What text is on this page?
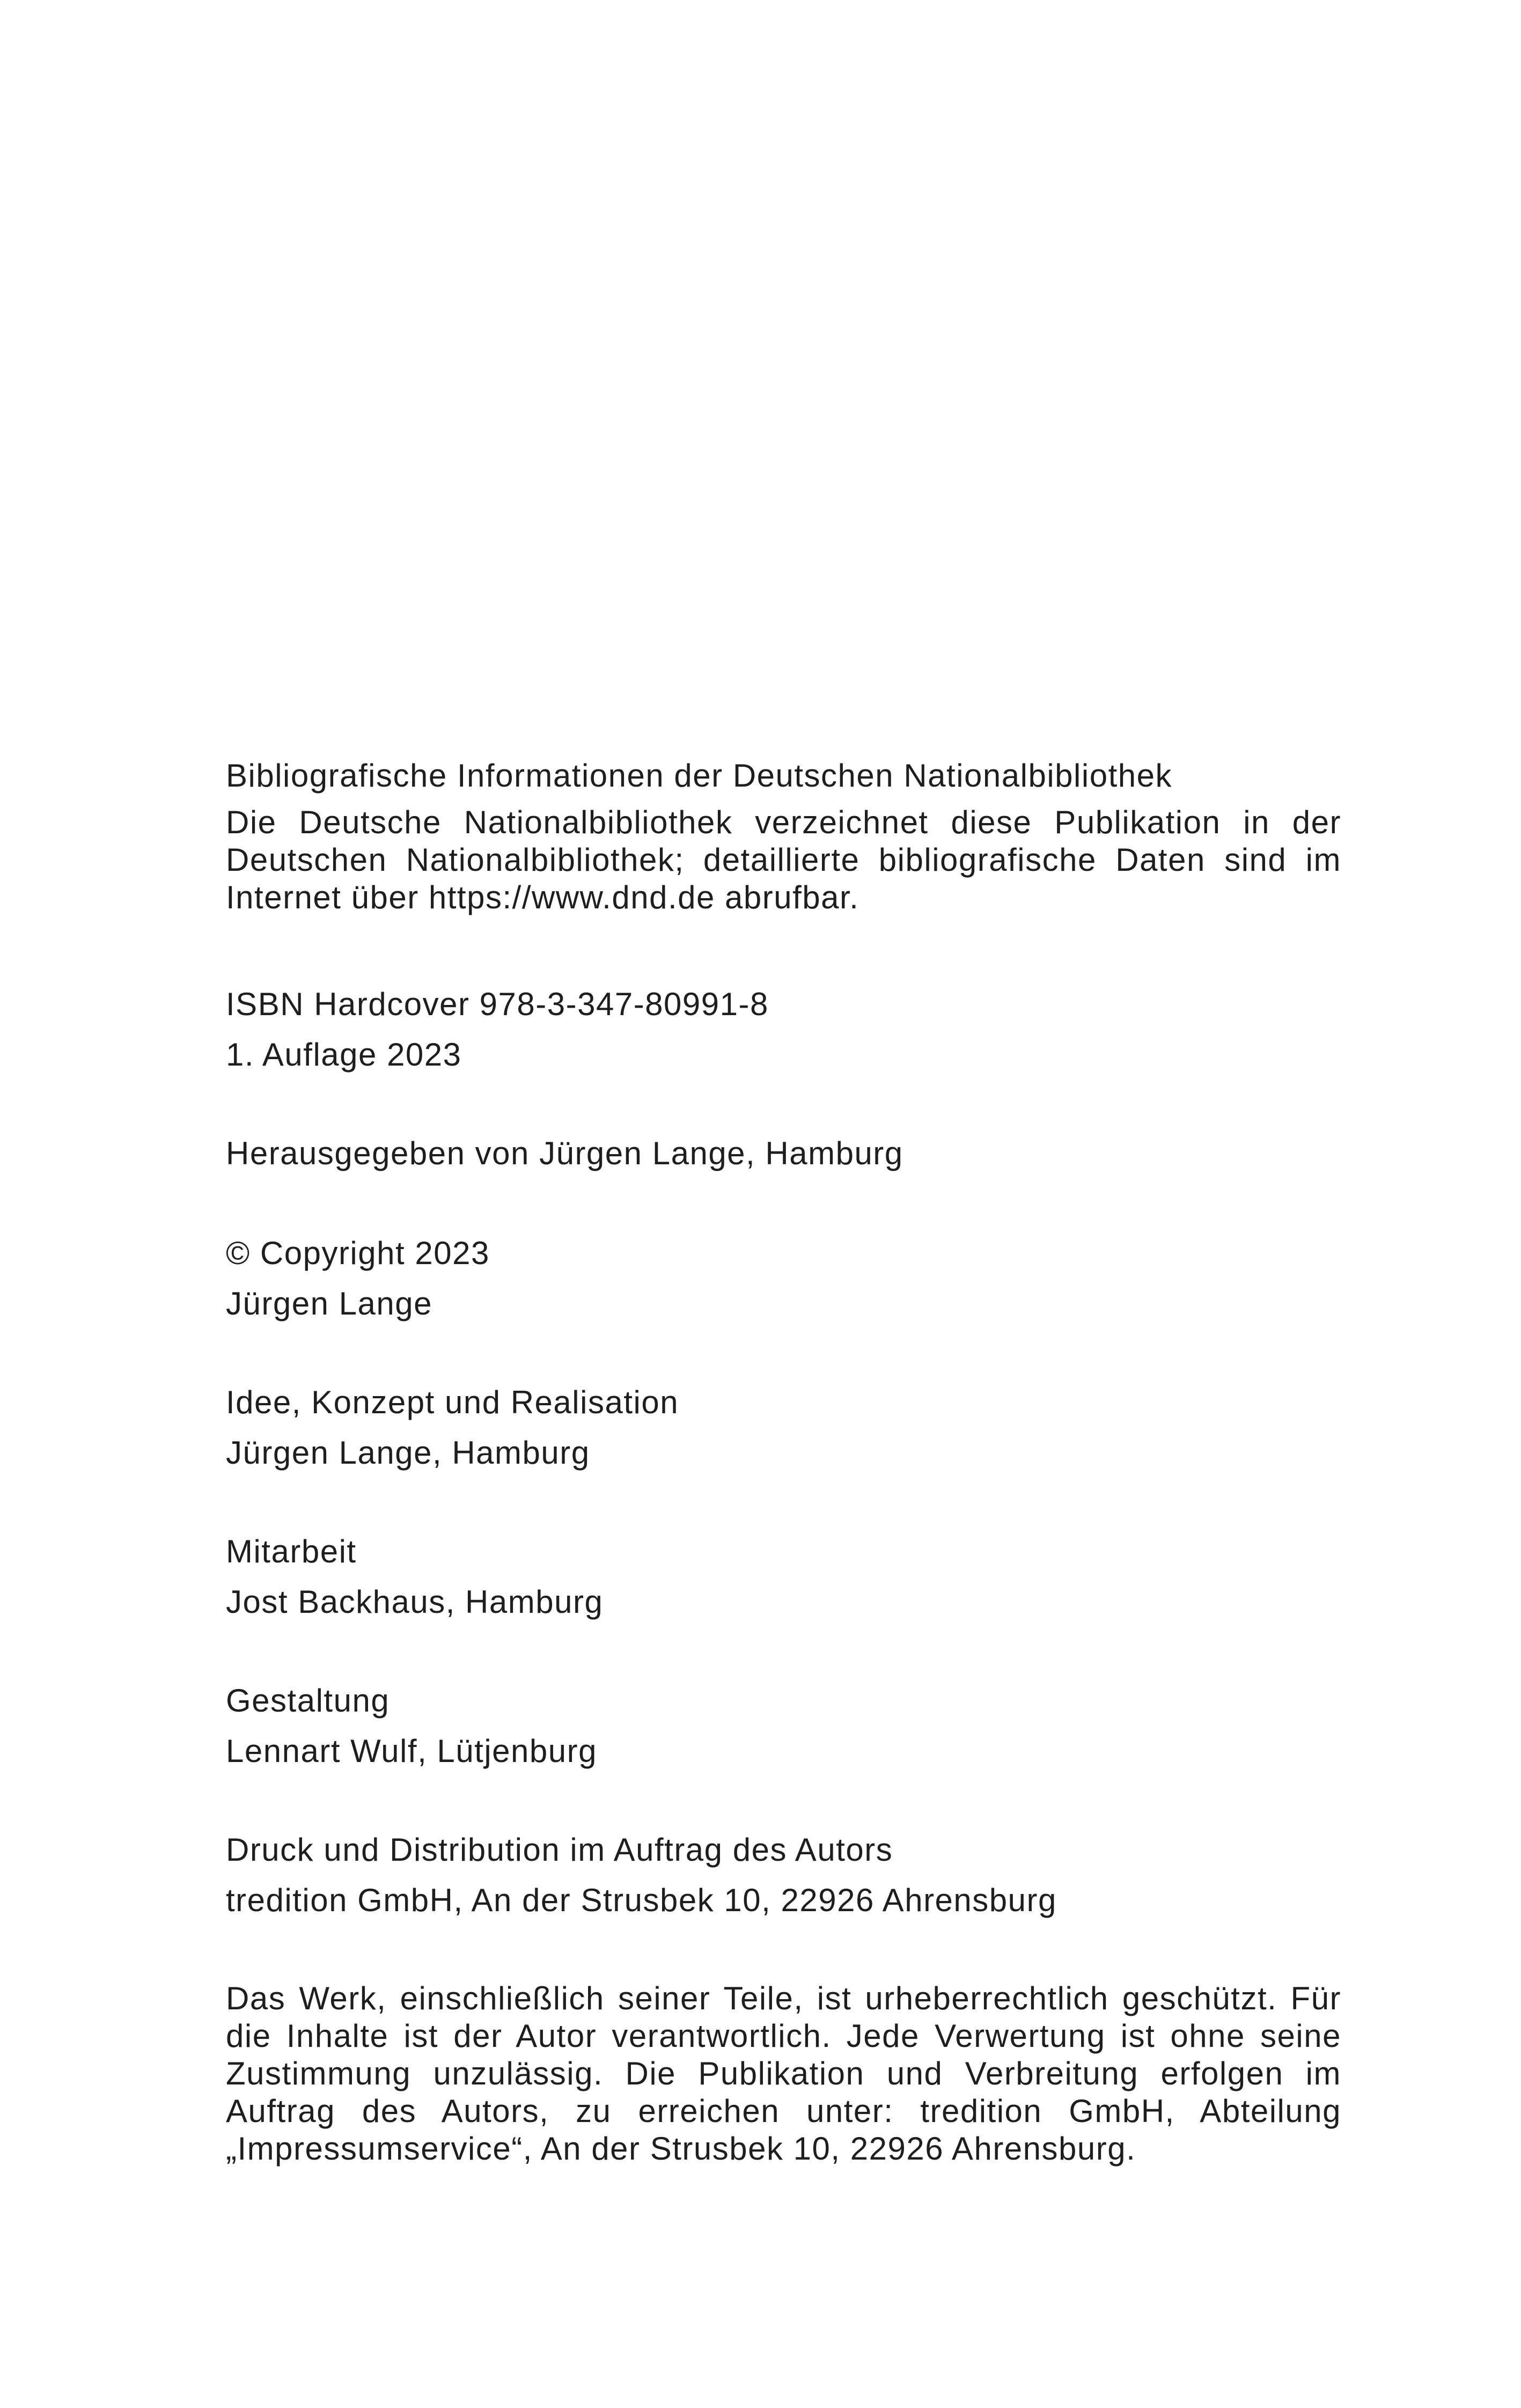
Bibliografische Informationen der Deutschen Nationalbibliothek

Die Deutsche Nationalbibliothek verzeichnet diese Publikation in der Deutschen Nationalbibliothek; detaillierte bibliografische Daten sind im Internet über https://www.dnd.de abrufbar.

ISBN Hardcover 978-3-347-80991-8
1. Auflage 2023
Herausgegeben von Jürgen Lange, Hamburg
© Copyright 2023
Jürgen Lange
Idee, Konzept und Realisation
Jürgen Lange, Hamburg
Mitarbeit
Jost Backhaus, Hamburg
Gestaltung
Lennart Wulf, Lütjenburg
Druck und Distribution im Auftrag des Autors
tredition GmbH, An der Strusbek 10, 22926 Ahrensburg

Das Werk, einschließlich seiner Teile, ist urheberrechtlich geschützt. Für die Inhalte ist der Autor verantwortlich. Jede Verwertung ist ohne seine Zustimmung unzulässig. Die Publikation und Verbreitung erfolgen im Auftrag des Autors, zu erreichen unter: tredition GmbH, Abteilung „Impressumservice“, An der Strusbek 10, 22926 Ahrensburg.
